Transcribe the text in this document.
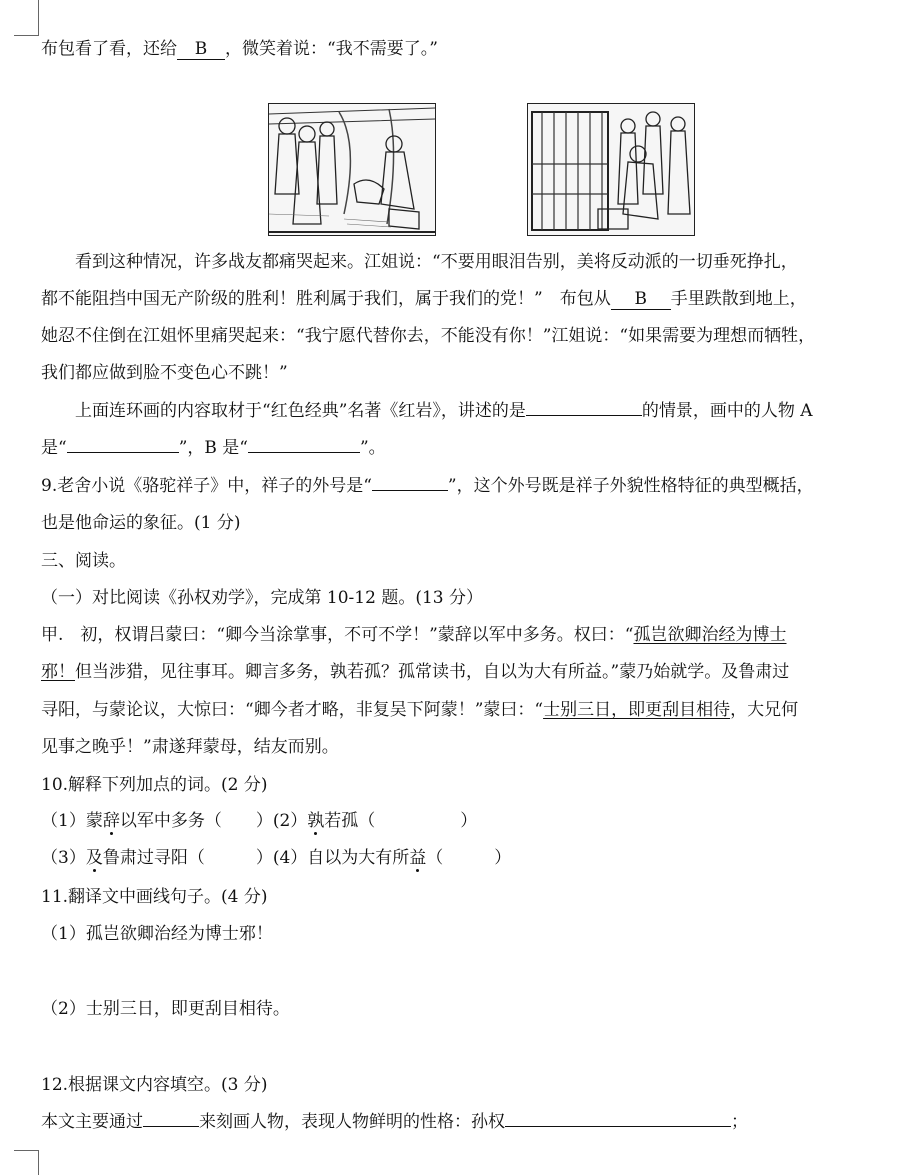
布包看了看，还给 B ，微笑着说：“我不需要了。”
看到这种情况，许多战友都痛哭起来。江姐说：“不要用眼泪告别，美将反动派的一切垂死挣扎，
都不能阻挡中国无产阶级的胜利！胜利属于我们，属于我们的党！”　布包从 B 手里跌散到地上，
她忍不住倒在江姐怀里痛哭起来：“我宁愿代替你去，不能没有你！”江姐说：“如果需要为理想而牺牲，
我们都应做到脸不变色心不跳！”
上面连环画的内容取材于“红色经典”名著《红岩》，讲述的是	的情景，画中的人物 A
是“	”，B 是“	”。
9.老舍小说《骆驼祥子》中，祥子的外号是“	”，这个外号既是祥子外貌性格特征的典型概括，
也是他命运的象征。(1 分)
三、阅读。
（一）对比阅读《孙权劝学》，完成第 10-12 题。(13 分）
甲.　初，权谓吕蒙曰：“卿今当涂掌事，不可不学！”蒙辞以军中多务。权曰：“孤岂欲卿治经为博士
邪！但当涉猎，见往事耳。卿言多务，孰若孤？孤常读书，自以为大有所益。”蒙乃始就学。及鲁肃过
寻阳，与蒙论议，大惊曰：“卿今者才略，非复吴下阿蒙！”蒙曰：“士别三日，即更刮目相待，大兄何
见事之晚乎！”肃遂拜蒙母，结友而别。
10.解释下列加点的词。(2 分)
（1）蒙辞以军中多务（　　）(2）孰若孤（　　　　　）
（3）及鲁肃过寻阳（　　　）(4）自以为大有所益（　　　）
11.翻译文中画线句子。(4 分)
（1）孤岂欲卿治经为博士邪！
（2）士别三日，即更刮目相待。
12.根据课文内容填空。(3 分)
本文主要通过	来刻画人物，表现人物鲜明的性格：孙权	；
